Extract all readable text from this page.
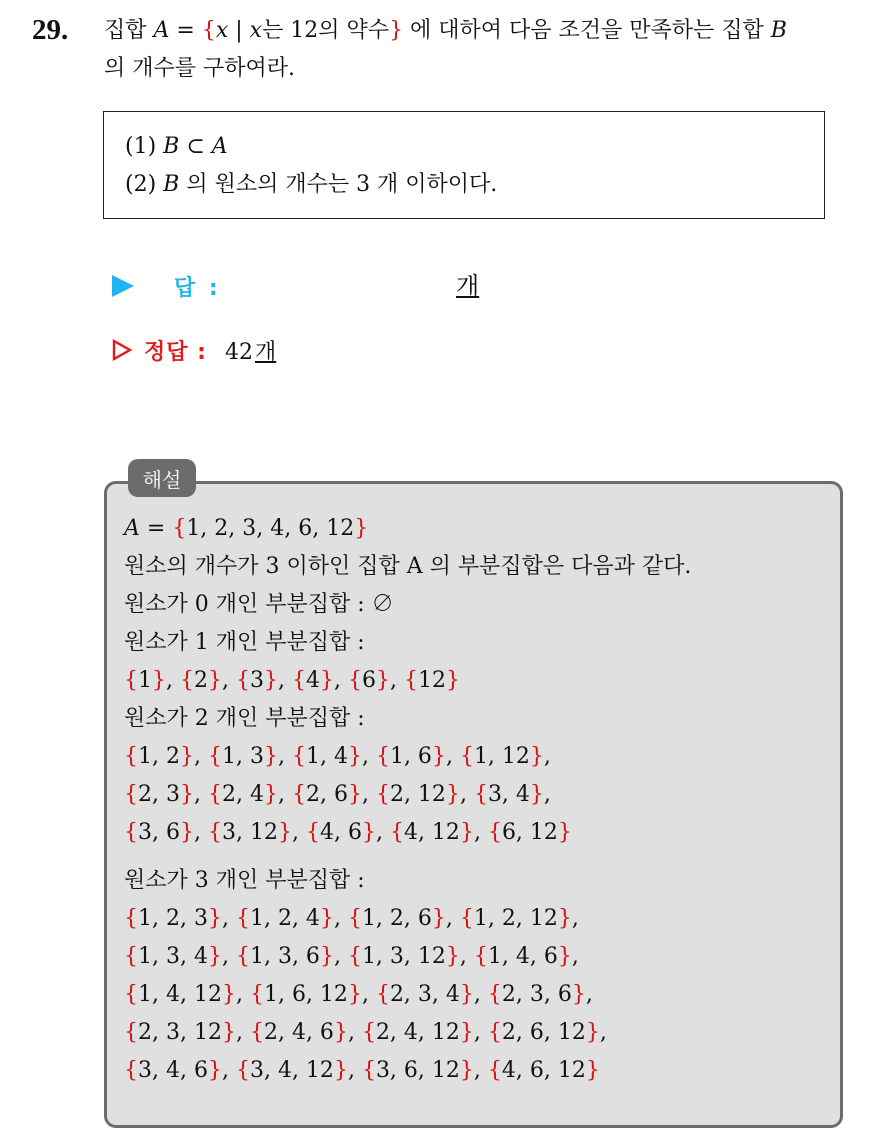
29. 집합 A = {x | x는 12의 약수} 에 대하여 다음 조건을 만족하는 집합 B
의 개수를 구하여라.
(1) B ⊂ A
(2) B 의 원소의 개수는 3 개 이하이다.
답 :	개
정답 : 42개
해설
A = {1, 2, 3, 4, 6, 12}
원소의 개수가 3 이하인 집합 A 의 부분집합은 다음과 같다.
원소가 0 개인 부분집합 : ∅
원소가 1 개인 부분집합 :
{1}, {2}, {3}, {4}, {6}, {12}
원소가 2 개인 부분집합 :
{1, 2}, {1, 3}, {1, 4}, {1, 6}, {1, 12},
{2, 3}, {2, 4}, {2, 6}, {2, 12}, {3, 4},
{3, 6}, {3, 12}, {4, 6}, {4, 12}, {6, 12}
원소가 3 개인 부분집합 :
{1, 2, 3}, {1, 2, 4}, {1, 2, 6}, {1, 2, 12},
{1, 3, 4}, {1, 3, 6}, {1, 3, 12}, {1, 4, 6},
{1, 4, 12}, {1, 6, 12}, {2, 3, 4}, {2, 3, 6},
{2, 3, 12}, {2, 4, 6}, {2, 4, 12}, {2, 6, 12},
{3, 4, 6}, {3, 4, 12}, {3, 6, 12}, {4, 6, 12}
